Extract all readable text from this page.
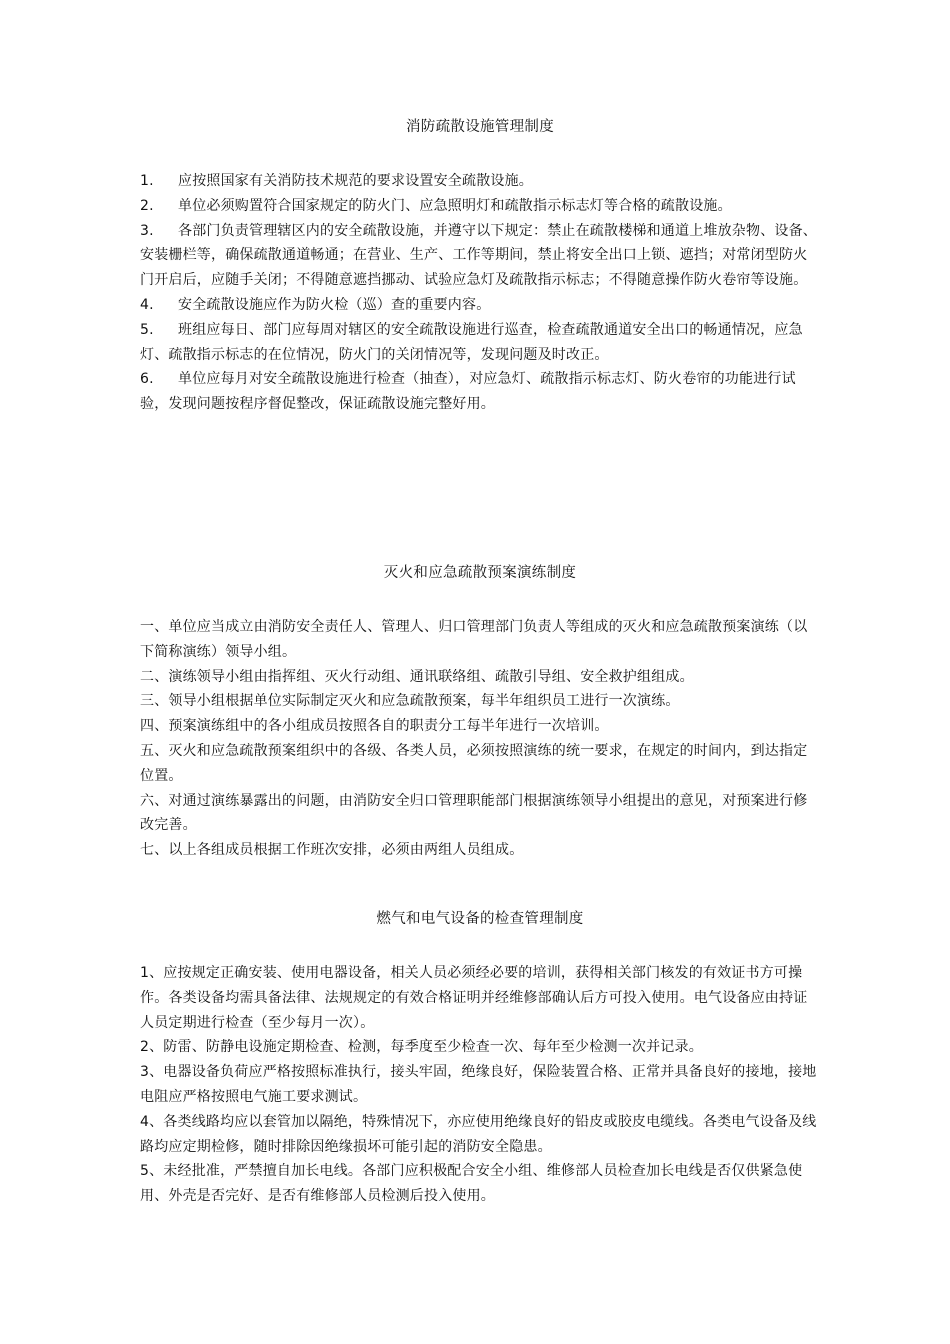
消防疏散设施管理制度
1. 应按照国家有关消防技术规范的要求设置安全疏散设施。
2. 单位必须购置符合国家规定的防火门、应急照明灯和疏散指示标志灯等合格的疏散设施。
3. 各部门负责管理辖区内的安全疏散设施，并遵守以下规定：禁止在疏散楼梯和通道上堆放杂物、设备、安装栅栏等，确保疏散通道畅通；在营业、生产、工作等期间，禁止将安全出口上锁、遮挡；对常闭型防火门开启后，应随手关闭；不得随意遮挡挪动、试验应急灯及疏散指示标志；不得随意操作防火卷帘等设施。
4. 安全疏散设施应作为防火检（巡）查的重要内容。
5. 班组应每日、部门应每周对辖区的安全疏散设施进行巡查，检查疏散通道安全出口的畅通情况，应急灯、疏散指示标志的在位情况，防火门的关闭情况等，发现问题及时改正。
6. 单位应每月对安全疏散设施进行检查（抽查），对应急灯、疏散指示标志灯、防火卷帘的功能进行试验，发现问题按程序督促整改，保证疏散设施完整好用。
灭火和应急疏散预案演练制度
一、单位应当成立由消防安全责任人、管理人、归口管理部门负责人等组成的灭火和应急疏散预案演练（以下简称演练）领导小组。
二、演练领导小组由指挥组、灭火行动组、通讯联络组、疏散引导组、安全救护组组成。
三、领导小组根据单位实际制定灭火和应急疏散预案，每半年组织员工进行一次演练。
四、预案演练组中的各小组成员按照各自的职责分工每半年进行一次培训。
五、灭火和应急疏散预案组织中的各级、各类人员，必须按照演练的统一要求，在规定的时间内，到达指定位置。
六、对通过演练暴露出的问题，由消防安全归口管理职能部门根据演练领导小组提出的意见，对预案进行修改完善。
七、以上各组成员根据工作班次安排，必须由两组人员组成。
燃气和电气设备的检查管理制度
1、应按规定正确安装、使用电器设备，相关人员必须经必要的培训，获得相关部门核发的有效证书方可操作。各类设备均需具备法律、法规规定的有效合格证明并经维修部确认后方可投入使用。电气设备应由持证人员定期进行检查（至少每月一次）。
2、防雷、防静电设施定期检查、检测，每季度至少检查一次、每年至少检测一次并记录。
3、电器设备负荷应严格按照标准执行，接头牢固，绝缘良好，保险装置合格、正常并具备良好的接地，接地电阻应严格按照电气施工要求测试。
4、各类线路均应以套管加以隔绝，特殊情况下，亦应使用绝缘良好的铅皮或胶皮电缆线。各类电气设备及线路均应定期检修，随时排除因绝缘损坏可能引起的消防安全隐患。
5、未经批准，严禁擅自加长电线。各部门应积极配合安全小组、维修部人员检查加长电线是否仅供紧急使用、外壳是否完好、是否有维修部人员检测后投入使用。
